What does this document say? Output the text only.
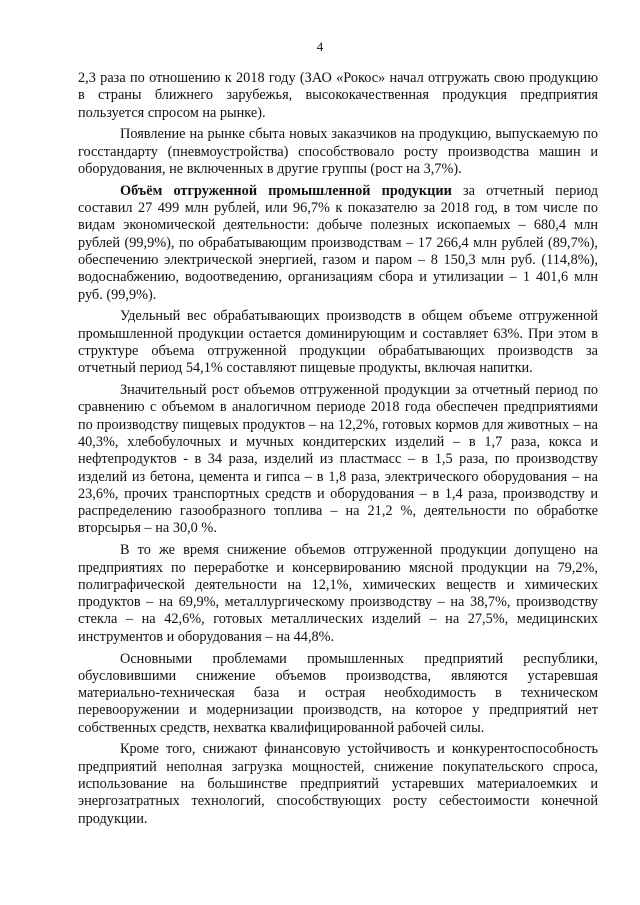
4

2,3 раза по отношению к 2018 году (ЗАО «Рокос» начал отгружать свою продукцию в страны ближнего зарубежья, высококачественная продукция предприятия пользуется спросом на рынке).

Появление на рынке сбыта новых заказчиков на продукцию, выпускаемую по госстандарту (пневмоустройства) способствовало росту производства машин и оборудования, не включенных в другие группы (рост на 3,7%).

Объём отгруженной промышленной продукции за отчетный период составил 27 499 млн рублей, или 96,7% к показателю за 2018 год, в том числе по видам экономической деятельности: добыче полезных ископаемых – 680,4 млн рублей (99,9%), по обрабатывающим производствам – 17 266,4 млн рублей (89,7%), обеспечению электрической энергией, газом и паром – 8 150,3 млн руб. (114,8%), водоснабжению, водоотведению, организациям сбора и утилизации – 1 401,6 млн руб. (99,9%).

Удельный вес обрабатывающих производств в общем объеме отгруженной промышленной продукции остается доминирующим и составляет 63%. При этом в структуре объема отгруженной продукции обрабатывающих производств за отчетный период 54,1% составляют пищевые продукты, включая напитки.

Значительный рост объемов отгруженной продукции за отчетный период по сравнению с объемом в аналогичном периоде 2018 года обеспечен предприятиями по производству пищевых продуктов – на 12,2%, готовых кормов для животных – на 40,3%, хлебобулочных и мучных кондитерских изделий – в 1,7 раза, кокса и нефтепродуктов - в 34 раза, изделий из пластмасс – в 1,5 раза, по производству изделий из бетона, цемента и гипса – в 1,8 раза, электрического оборудования – на 23,6%, прочих транспортных средств и оборудования – в 1,4 раза, производству и распределению газообразного топлива – на 21,2 %, деятельности по обработке вторсырья – на 30,0 %.

В то же время снижение объемов отгруженной продукции допущено на предприятиях по переработке и консервированию мясной продукции на 79,2%, полиграфической деятельности на 12,1%, химических веществ и химических продуктов – на 69,9%, металлургическому производству – на 38,7%, производству стекла – на 42,6%, готовых металлических изделий – на 27,5%, медицинских инструментов и оборудования – на 44,8%.

Основными проблемами промышленных предприятий республики, обусловившими снижение объемов производства, являются устаревшая материально-техническая база и острая необходимость в техническом перевооружении и модернизации производств, на которое у предприятий нет собственных средств, нехватка квалифицированной рабочей силы.

Кроме того, снижают финансовую устойчивость и конкурентоспособность предприятий неполная загрузка мощностей, снижение покупательского спроса, использование на большинстве предприятий устаревших материалоемких и энергозатратных технологий, способствующих росту себестоимости конечной продукции.
